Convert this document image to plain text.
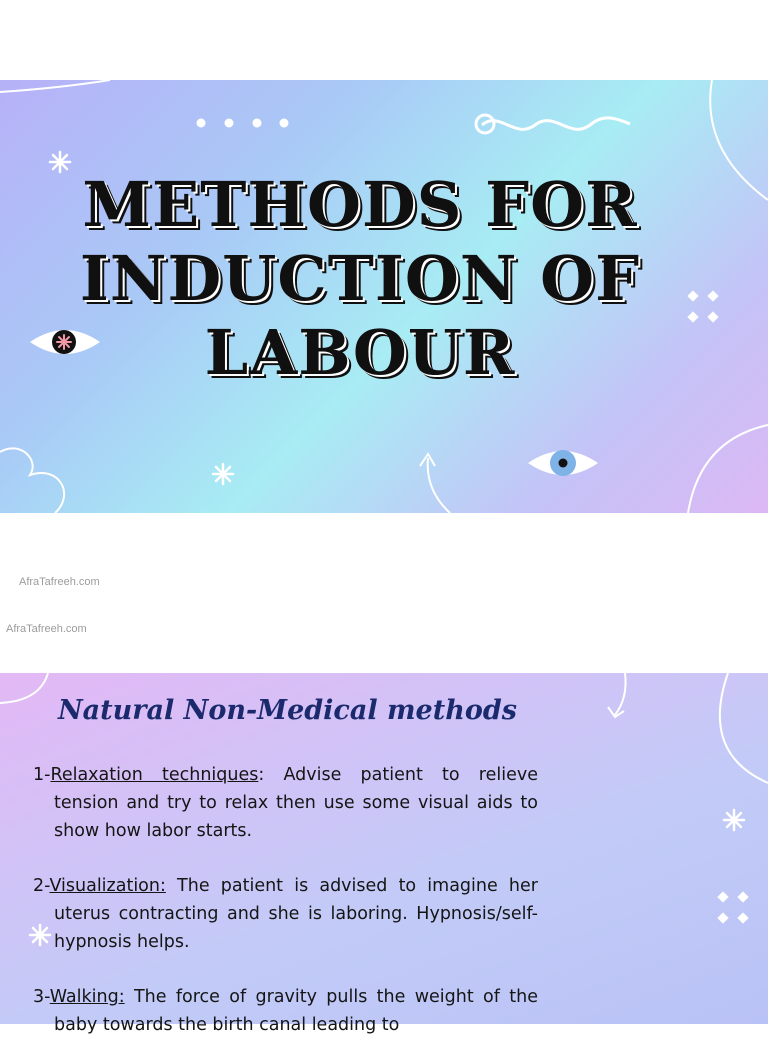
METHODS FOR
INDUCTION OF
LABOUR
AfraTafreeh.com
AfraTafreeh.com
Natural Non-Medical methods
1-Relaxation techniques: Advise patient to relieve tension and try to relax then use some visual aids to show how labor starts.
2-Visualization: The patient is advised to imagine her uterus contracting and she is laboring. Hypnosis/self-hypnosis helps.
3-Walking: The force of gravity pulls the weight of the baby towards the birth canal leading to
